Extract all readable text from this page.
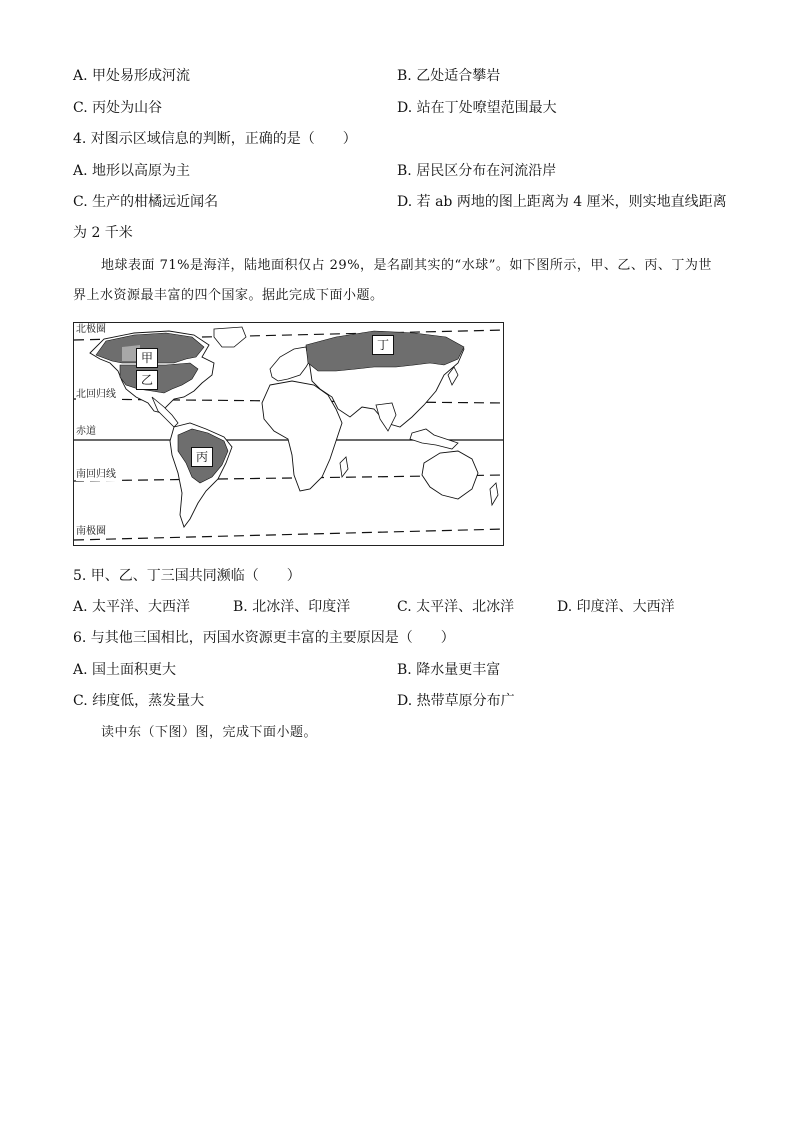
A. 甲处易形成河流	B. 乙处适合攀岩
C. 丙处为山谷	D. 站在丁处嘹望范围最大
4. 对图示区域信息的判断，正确的是（　　）
A. 地形以高原为主	B. 居民区分布在河流沿岸
C. 生产的柑橘远近闻名	D. 若 ab 两地的图上距离为 4 厘米，则实地直线距离
为 2 千米
地球表面 71%是海洋，陆地面积仅占 29%，是名副其实的“水球”。如下图所示，甲、乙、丙、丁为世
界上水资源最丰富的四个国家。据此完成下面小题。
北极圈
北回归线
赤道
南回归线
南极圈
甲
乙
丙
丁
5. 甲、乙、丁三国共同濒临（　　）
A. 太平洋、大西洋	B. 北冰洋、印度洋	C. 太平洋、北冰洋	D. 印度洋、大西洋
6. 与其他三国相比，丙国水资源更丰富的主要原因是（　　）
A. 国土面积更大	B. 降水量更丰富
C. 纬度低，蒸发量大	D. 热带草原分布广
读中东（下图）图，完成下面小题。
